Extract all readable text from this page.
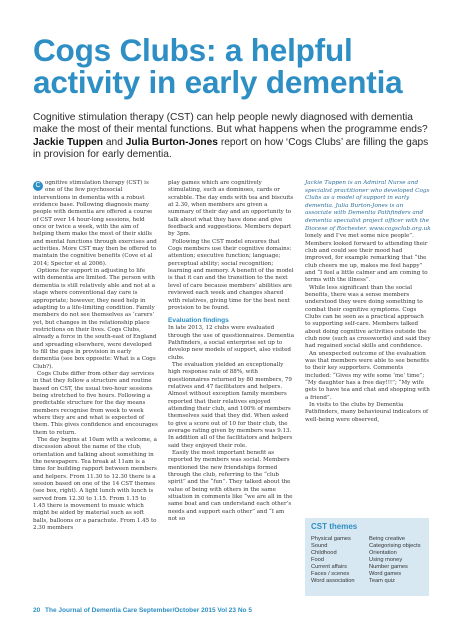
Cogs Clubs: a helpful activity in early dementia

Cognitive stimulation therapy (CST) can help people newly diagnosed with dementia make the most of their mental functions. But what happens when the programme ends? Jackie Tuppen and Julia Burton-Jones report on how ‘Cogs Clubs’ are filling the gaps in provision for early dementia.

C ognitive stimulation therapy (CST) is one of the few psychosocial interventions in dementia with a robust evidence base. Following diagnosis many people with dementia are offered a course of CST over 14 hour-long sessions, held once or twice a week, with the aim of helping them make the most of their skills and mental functions through exercises and activities. More CST may then be offered to maintain the cognitive benefits (Cove et al 2014; Spector et al 2006).

Options for support in adjusting to life with dementia are limited. The person with dementia is still relatively able and not at a stage where conventional day care is appropriate; however, they need help in adapting to a life-limiting condition. Family members do not see themselves as ‘carers’ yet, but changes in the relationship place restrictions on their lives. Cogs Clubs, already a force in the south-east of England and spreading elsewhere, were developed to fill the gaps in provision in early dementia (see box opposite: What is a Cogs Club?).

Cogs Clubs differ from other day services in that they follow a structure and routine based on CST, the usual two-hour sessions being stretched to five hours. Following a predictable structure for the day means members recognise from week to week where they are and what is expected of them. This gives confidence and encourages them to return.

The day begins at 10am with a welcome, a discussion about the name of the club, orientation and talking about something in the newspapers. Tea break at 11am is a time for building rapport between members and helpers. From 11.30 to 12.30 there is a session based on one of the 14 CST themes (see box, right). A light lunch with lunch is served from 12.30 to 1.15. From 1.15 to 1.45 there is movement to music which might be aided by material such as soft balls, balloons or a parachute. From 1.45 to 2.30 members

play games which are cognitively stimulating, such as dominoes, cards or scrabble. The day ends with tea and biscuits at 2.30, when members are given a summary of their day and an opportunity to talk about what they have done and give feedback and suggestions. Members depart by 3pm.

Following the CST model ensures that Cogs members use their cognitive domains: attention; executive function; language; perceptual ability; social recognition; learning and memory. A benefit of the model is that it can and the transition to the next level of care because members’ abilities are reviewed each week and changes shared with relatives, giving time for the best next provision to be found.

Evaluation findings

In late 2013, 12 clubs were evaluated through the use of questionnaires. Dementia Pathfinders, a social enterprise set up to develop new models of support, also visited clubs.

The evaluation yielded an exceptionally high response rate of 88%, with questionnaires returned by 80 members, 79 relatives and 47 facilitators and helpers. Almost without exception family members reported that their relatives enjoyed attending their club, and 100% of members themselves said that they did. When asked to give a score out of 10 for their club, the average rating given by members was 9.13. In addition all of the facilitators and helpers said they enjoyed their role.

Easily the most important benefit as reported by members was social. Members mentioned the new friendships formed through the club, referring to the “club spirit” and the “fun”. They talked about the value of being with others in the same situation in comments like “we are all in the same boat and can understand each other’s needs and support each other” and “I am not so

Jackie Tuppen is an Admiral Nurse and specialist practitioner who developed Cogs Clubs as a model of support in early dementia. Julia Burton-Jones is an associate with Dementia Pathfinders and dementia specialist project officer with the Diocese of Rochester. www.cogsclub.org.uk

lonely and I’ve met some nice people”. Members looked forward to attending their club and could see their mood had improved, for example remarking that “the club cheers me up, makes me feel happy” and “I feel a little calmer and am coming to terms with the illness”.

While less significant than the social benefits, there was a sense members understood they were doing something to combat their cognitive symptoms. Cogs Clubs can be seen as a practical approach to supporting self-care. Members talked about doing cognitive activities outside the club now (such as crosswords) and said they had regained social skills and confidence.

An unexpected outcome of the evaluation was that members were able to see benefits to their key supporters. Comments included: “Gives my wife some ‘me’ time”; “My daughter has a free day!!!”; “My wife gets to have tea and chat and shopping with a friend”.

In visits to the clubs by Dementia Pathfinders, many behavioural indicators of well-being were observed,

CST themes
Physical games
Sound
Childhood
Food
Current affairs
Faces / scenes
Word association
Being creative
Categorising objects
Orientation
Using money
Number games
Word games
Team quiz
20 The Journal of Dementia Care September/October 2015 Vol 23 No 5
